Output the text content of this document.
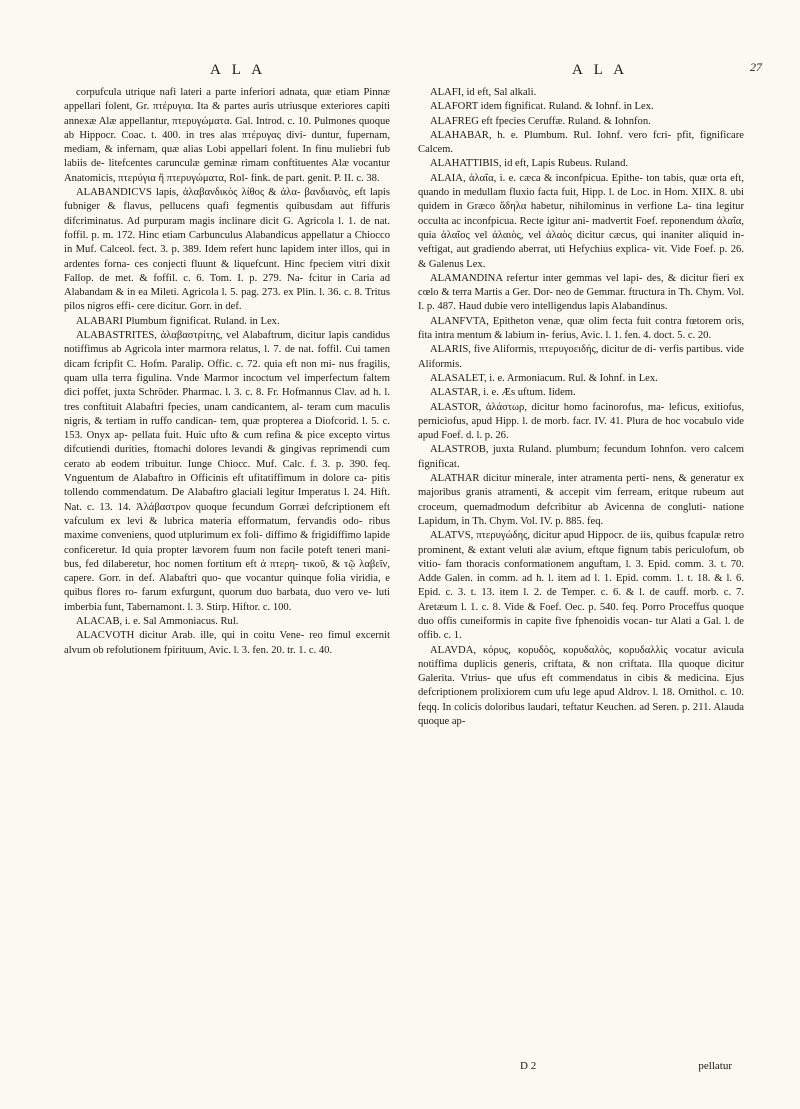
A L A	A L A	27

corpufcula utrique nafi lateri a parte inferiori adnata, quæ etiam Pinnæ appellari folent, Gr. πτέρυγια. Ita & partes auris utriusque exteriores capiti annexæ Alæ appellantur, πτερυγώματα. Gal. Introd. c. 10. Pulmones quoque ab Hippocr. Coac. t. 400. in tres alas πτέρυγας divi- duntur, fupernam, mediam, & infernam, quæ alias Lobi appellari folent. In finu muliebri fub labiis de- litefcentes carunculæ geminæ rimam conftituentes Alæ vocantur Anatomicis, πτερύγια ἢ πτερυγώματα, Rol- fink. de part. genit. P. II. c. 38.

ALABANDICVS lapis, ἀλαβανδικὸς λίθος & ἀλα- βανδιανὸς, eft lapis fubniger & flavus, pellucens quafi fegmentis quibusdam aut fiffuris difcriminatus. Ad purpuram magis inclinare dicit G. Agricola l. 1. de nat. foffil. p. m. 172. Hinc etiam Carbunculus Alabandicus appellatur a Chiocco in Muf. Calceol. fect. 3. p. 389. Idem refert hunc lapidem inter illos, qui in ardentes forna- ces conjecti fluunt & liquefcunt. Hinc fpeciem vitri dixit Fallop. de met. & foffil. c. 6. Tom. I. p. 279. Na- fcitur in Caria ad Alabandam & in ea Mileti. Agricola l. 5. pag. 273. ex Plin. l. 36. c. 8. Tritus pilos nigros effi- cere dicitur. Gorr. in def.

ALABARI Plumbum fignificat. Ruland. in Lex.

ALABASTRITES, ἀλαβαστρίτης, vel Alabaftrum, dicitur lapis candidus notiffimus ab Agricola inter marmora relatus, l. 7. de nat. foffil. Cui tamen dicam fcripfit C. Hofm. Paralip. Offic. c. 72. quia eft non mi- nus fragilis, quam ulla terra figulina. Vnde Marmor incoctum vel imperfectum faltem dici poffet, juxta Schröder. Pharmac. l. 3. c. 8. Fr. Hofmannus Clav. ad h. l. tres conftituit Alabaftri fpecies, unam candicantem, al- teram cum maculis nigris, & tertiam in ruffo candican- tem, quæ propterea a Diofcorid. l. 5. c. 153. Onyx ap- pellata fuit. Huic ufto & cum refina & pice excepto virtus difcutiendi durities, ftomachi dolores levandi & gingivas reprimendi cum cerato ab eodem tribuitur. Iunge Chiocc. Muf. Calc. f. 3. p. 390. feq. Vnguentum de Alabaftro in Officinis eft ufitatiffimum in dolore ca- pitis tollendo commendatum. De Alabaftro glaciali legitur Imperatus l. 24. Hift. Nat. c. 13. 14. Ἀλάβαστρον quoque fecundum Gorræi defcriptionem eft vafculum ex levi & lubrica materia efformatum, fervandis odo- ribus maxime conveniens, quod utplurimum ex foli- diffimo & frigidiffimo lapide conficeretur. Id quia propter lævorem fuum non facile poteft teneri mani- bus, fed dilaberetur, hoc nomen fortitum eft ἀ πτερη- τικοῦ, & τῷ λαβεῖν, capere. Gorr. in def. Alabaftri quo- que vocantur quinque folia viridia, e quibus flores ro- farum exfurgunt, quorum duo barbata, duo vero ve- luti imberbia funt, Tabernamont. l. 3. Stirp. Hiftor. c. 100.

ALACAB, i. e. Sal Ammoniacus. Rul.

ALACVOTH dicitur Arab. ille, qui in coitu Vene- reo fimul excernit alvum ob refolutionem fpirituum, Avic. l. 3. fen. 20. tr. 1. c. 40.

ALAFI, id eft, Sal alkali.

ALAFORT idem fignificat. Ruland. & Iohnf. in Lex.

ALAFREG eft fpecies Ceruffæ. Ruland. & Iohnfon.

ALAHABAR, h. e. Plumbum. Rul. Iohnf. vero fcri- pfit, fignificare Calcem.

ALAHATTIBIS, id eft, Lapis Rubeus. Ruland.

ALAIA, ἀλαΐα, i. e. cæca & inconfpicua. Epithe- ton tabis, quæ orta eft, quando in medullam fluxio facta fuit, Hipp. l. de Loc. in Hom. XIIX. 8. ubi quidem in Græco ἄδηλα habetur, nihilominus in verfione La- tina legitur occulta ac inconfpicua. Recte igitur ani- madvertit Foef. reponendum ἀλαΐα, quia ἀλαΐος vel ἀλαιὸς, vel ἀλαὸς dicitur cæcus, qui inaniter aliquid in- veftigat, aut gradiendo aberrat, uti Hefychius explica- vit. Vide Foef. p. 26. & Galenus Lex.

ALAMANDINA refertur inter gemmas vel lapi- des, & dicitur fieri ex cœlo & terra Martis a Ger. Dor- neo de Gemmar. ftructura in Th. Chym. Vol. I. p. 487. Haud dubie vero intelligendus lapis Alabandinus.

ALANFVTA, Epitheton venæ, quæ olim fecta fuit contra fœtorem oris, fita intra mentum & labium in- ferius, Avic. l. 1. fen. 4. doct. 5. c. 20.

ALARIS, five Aliformis, πτερυγοειδής, dicitur de di- verfis partibus. vide Aliformis.

ALASALET, i. e. Armoniacum. Rul. & Iohnf. in Lex.

ALASTAR, i. e. Æs uftum. Iidem.

ALASTOR, ἀλάστωρ, dicitur homo facinorofus, ma- leficus, exitiofus, perniciofus, apud Hipp. l. de morb. facr. IV. 41. Plura de hoc vocabulo vide apud Foef. d. l. p. 26.

ALASTROB, juxta Ruland. plumbum; fecundum Iohnfon. vero calcem fignificat.

ALATHAR dicitur minerale, inter atramenta perti- nens, & generatur ex majoribus granis atramenti, & accepit vim ferream, eritque rubeum aut croceum, quemadmodum defcribitur ab Avicenna de congluti- natione Lapidum, in Th. Chym. Vol. IV. p. 885. feq.

ALATVS, πτερυγώδης, dicitur apud Hippocr. de iis, quibus fcapulæ retro prominent, & extant veluti alæ avium, eftque fignum tabis periculofum, ob vitio- fam thoracis conformationem anguftam, l. 3. Epid. comm. 3. t. 70. Adde Galen. in comm. ad h. l. item ad l. 1. Epid. comm. 1. t. 18. & l. 6. Epid. c. 3. t. 13. item l. 2. de Temper. c. 6. & l. de cauff. morb. c. 7. Aretæum l. 1. c. 8. Vide & Foef. Oec. p. 540. feq. Porro Proceffus quoque duo offis cuneiformis in capite five fphenoidis vocan- tur Alati a Gal. l. de offib. c. 1.

ALAVDA, κόρυς, κορυδὸς, κορυδαλὸς, κορυδαλλὶς vocatur avicula notiffima duplicis generis, criftata, & non criftata. Illa quoque dicitur Galerita. Vtrius- que ufus eft commendatus in cibis & medicina. Ejus defcriptionem prolixiorem cum ufu lege apud Aldrov. l. 18. Ornithol. c. 10. feqq. In colicis doloribus laudari, teftatur Keuchen. ad Seren. p. 211. Alauda quoque ap-

D 2	pellatur
